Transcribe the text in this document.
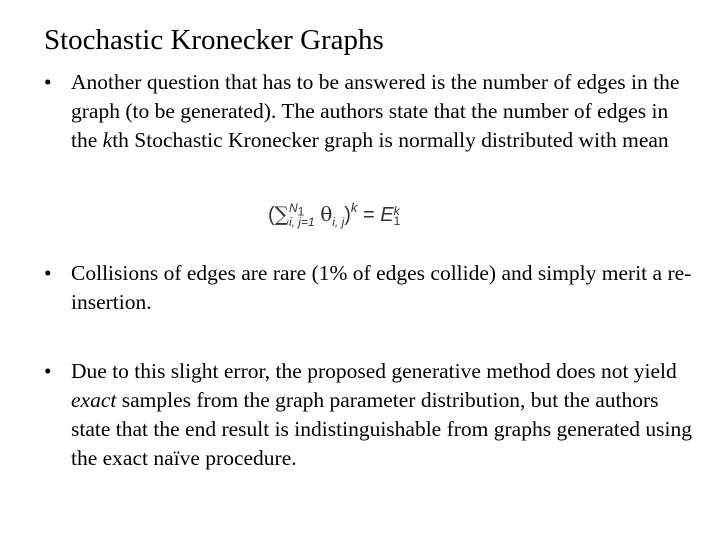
Stochastic Kronecker Graphs
• Another question that has to be answered is the number of edges in the graph (to be generated). The authors state that the number of edges in the kth Stochastic Kronecker graph is normally distributed with mean
(∑ $N_1$
i, j=1 $\theta_{i, j})^k = E$ k
1
• Collisions of edges are rare (1% of edges collide) and simply merit a re-insertion.
• Due to this slight error, the proposed generative method does not yield exact samples from the graph parameter distribution, but the authors state that the end result is indistinguishable from graphs generated using the exact naïve procedure.
